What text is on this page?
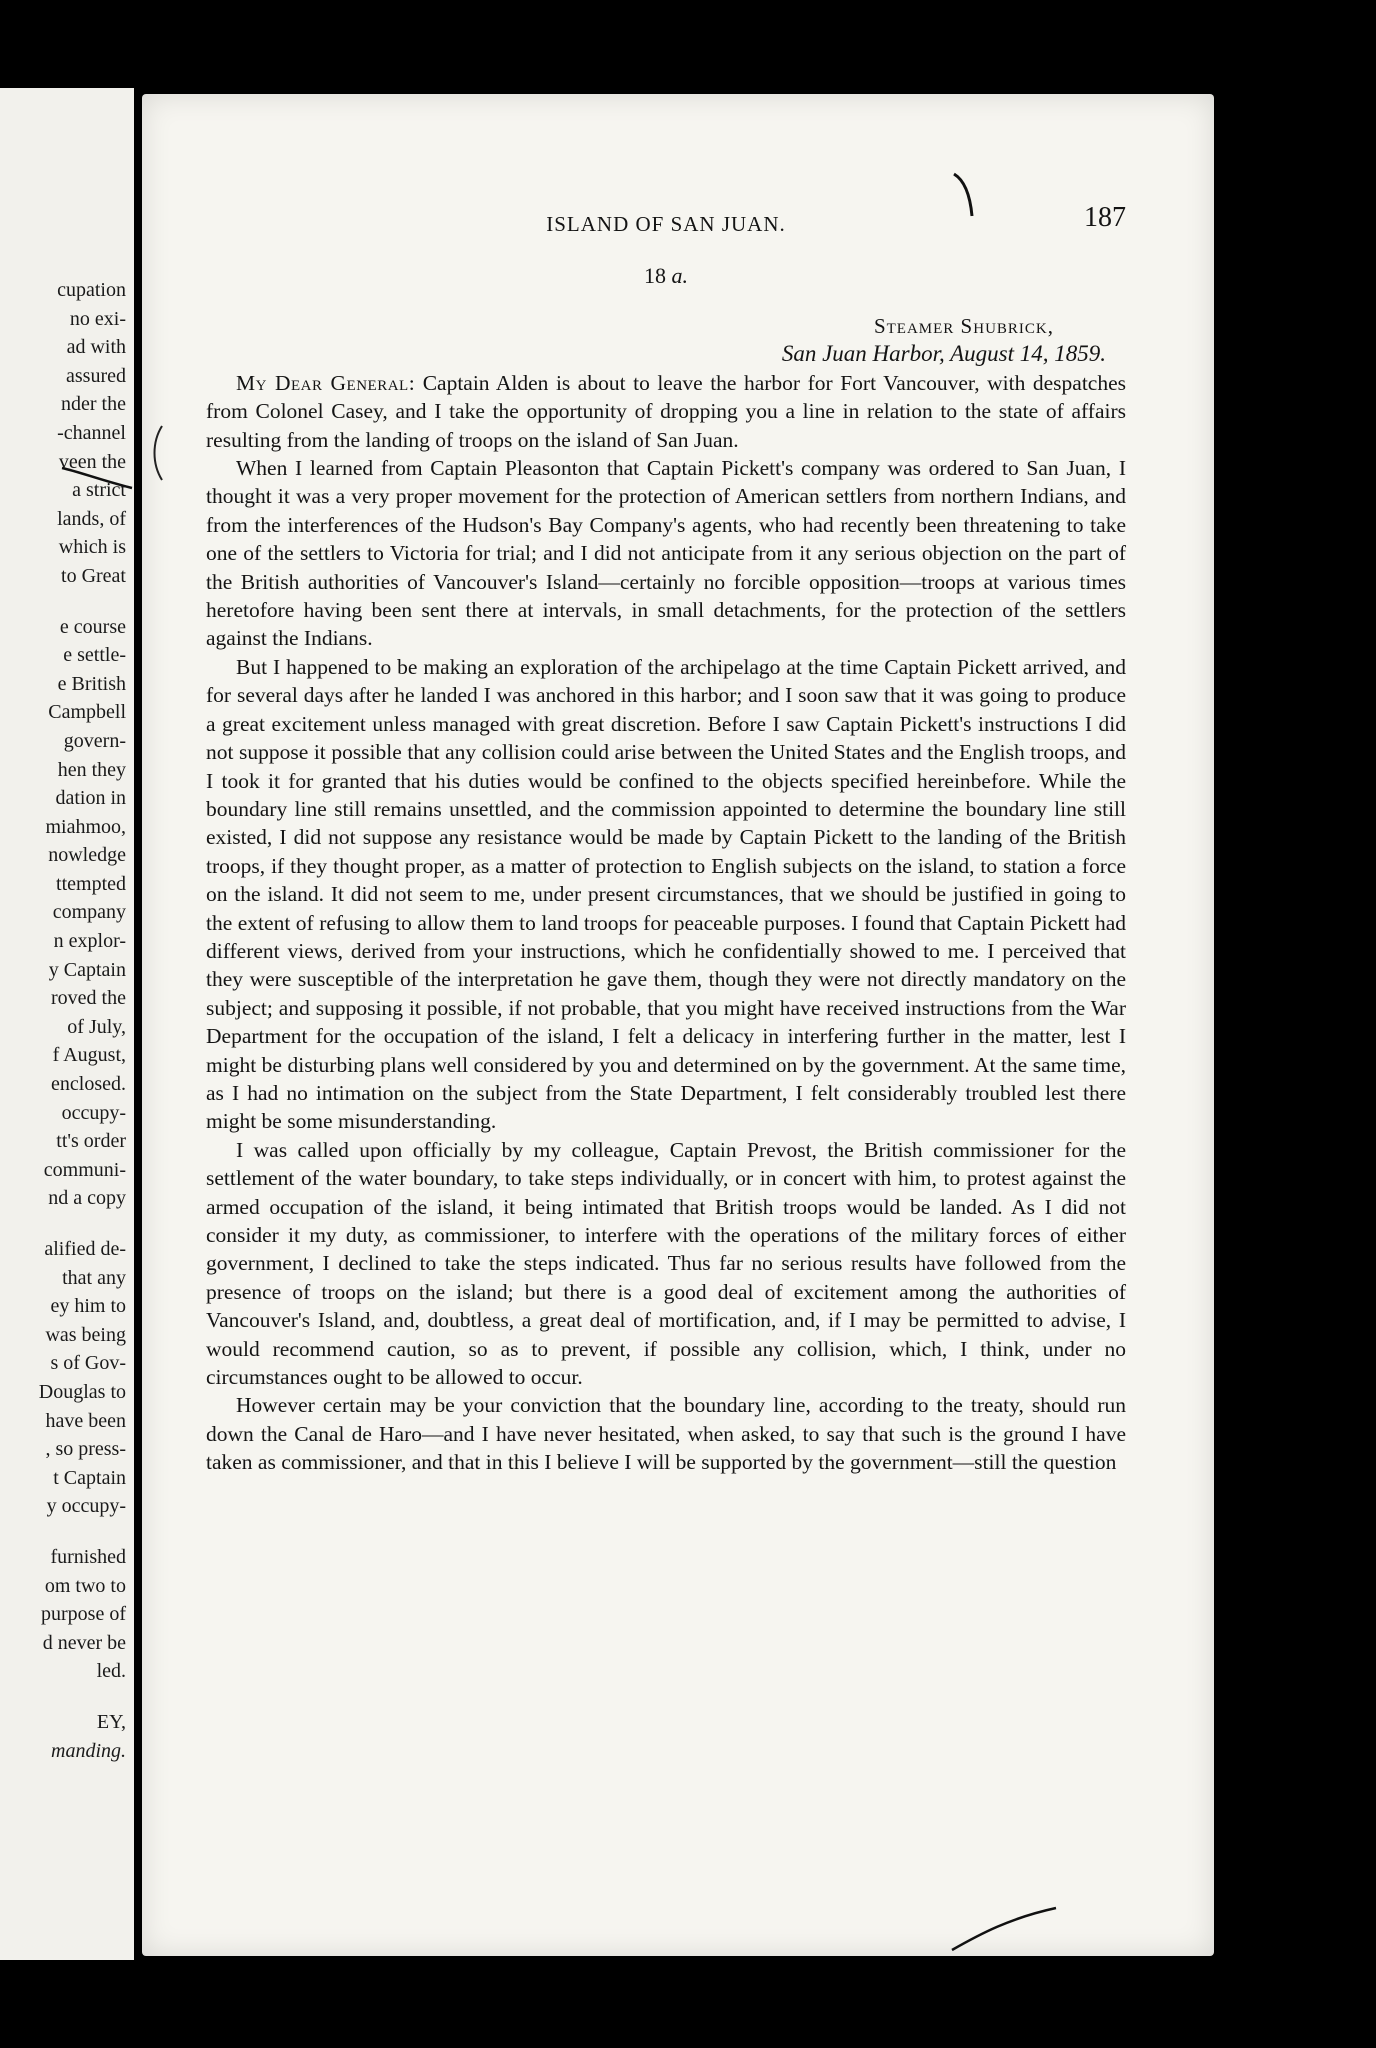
cupation
no exi-
ad with
assured
nder the
-channel
veen the
a strict
lands, of
which is
to Great
e course
e settle-
e British
Campbell
govern-
hen they
dation in
miahmoo,
nowledge
ttempted
company
n explor-
y Captain
roved the
of July,
f August,
enclosed.
occupy-
tt's order
communi-
nd a copy
alified de-
that any
ey him to
was being
s of Gov-
Douglas to
have been
, so press-
t Captain
y occupy-
furnished
om two to
purpose of
d never be
led.
EY,
manding.
ISLAND OF SAN JUAN.	187
18 a.
Steamer Shubrick,
San Juan Harbor, August 14, 1859.

My Dear General: Captain Alden is about to leave the harbor for Fort Vancouver, with despatches from Colonel Casey, and I take the opportunity of dropping you a line in relation to the state of affairs resulting from the landing of troops on the island of San Juan.

When I learned from Captain Pleasonton that Captain Pickett's company was ordered to San Juan, I thought it was a very proper movement for the protection of American settlers from northern Indians, and from the interferences of the Hudson's Bay Company's agents, who had recently been threatening to take one of the settlers to Victoria for trial; and I did not anticipate from it any serious objection on the part of the British authorities of Vancouver's Island—certainly no forcible opposition—troops at various times heretofore having been sent there at intervals, in small detachments, for the protection of the settlers against the Indians.

But I happened to be making an exploration of the archipelago at the time Captain Pickett arrived, and for several days after he landed I was anchored in this harbor; and I soon saw that it was going to produce a great excitement unless managed with great discretion. Before I saw Captain Pickett's instructions I did not suppose it possible that any collision could arise between the United States and the English troops, and I took it for granted that his duties would be confined to the objects specified hereinbefore. While the boundary line still remains unsettled, and the commission appointed to determine the boundary line still existed, I did not suppose any resistance would be made by Captain Pickett to the landing of the British troops, if they thought proper, as a matter of protection to English subjects on the island, to station a force on the island. It did not seem to me, under present circumstances, that we should be justified in going to the extent of refusing to allow them to land troops for peaceable purposes. I found that Captain Pickett had different views, derived from your instructions, which he confidentially showed to me. I perceived that they were susceptible of the interpretation he gave them, though they were not directly mandatory on the subject; and supposing it possible, if not probable, that you might have received instructions from the War Department for the occupation of the island, I felt a delicacy in interfering further in the matter, lest I might be disturbing plans well considered by you and determined on by the government. At the same time, as I had no intimation on the subject from the State Department, I felt considerably troubled lest there might be some misunderstanding.

I was called upon officially by my colleague, Captain Prevost, the British commissioner for the settlement of the water boundary, to take steps individually, or in concert with him, to protest against the armed occupation of the island, it being intimated that British troops would be landed. As I did not consider it my duty, as commissioner, to interfere with the operations of the military forces of either government, I declined to take the steps indicated. Thus far no serious results have followed from the presence of troops on the island; but there is a good deal of excitement among the authorities of Vancouver's Island, and, doubtless, a great deal of mortification, and, if I may be permitted to advise, I would recommend caution, so as to prevent, if possible any collision, which, I think, under no circumstances ought to be allowed to occur.

However certain may be your conviction that the boundary line, according to the treaty, should run down the Canal de Haro—and I have never hesitated, when asked, to say that such is the ground I have taken as commissioner, and that in this I believe I will be supported by the government—still the question
